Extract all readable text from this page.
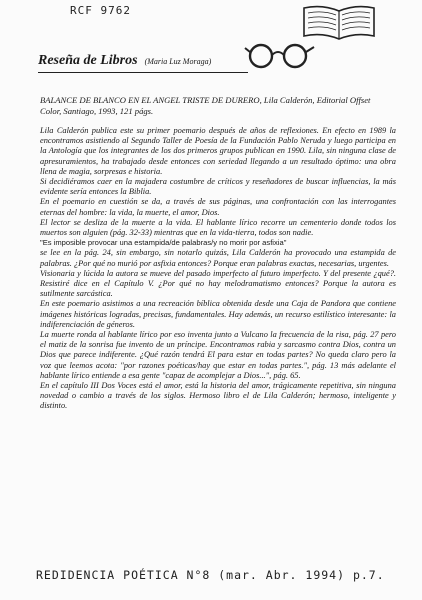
RCF 9762
Reseña de Libros (Maria Luz Moraga)
BALANCE DE BLANCO EN EL ANGEL TRISTE DE DURERO, Lila Calderón, Editorial Offset Color, Santiago, 1993, 121 págs.

Lila Calderón publica este su primer poemario después de años de reflexiones. En efecto en 1989 la encontramos asistiendo al Segundo Taller de Poesía de la Fundación Pablo Neruda y luego participa en la Antología que los integrantes de los dos primeros grupos publican en 1990. Lila, sin ninguna clase de apresuramientos, ha trabajado desde entonces con seriedad llegando a un resultado óptimo: una obra llena de magia, sorpresas e historia.

Si decidiéramos caer en la majadera costumbre de críticos y reseñadores de buscar influencias, la más evidente sería entonces la Biblia.

En el poemario en cuestión se da, a través de sus páginas, una confrontación con las interrogantes eternas del hombre: la vida, la muerte, el amor, Dios.

El lector se desliza de la muerte a la vida. El hablante lírico recorre un cementerio donde todos los muertos son alguien (pág. 32-33) mientras que en la vida-tierra, todos son nadie.

"Es imposible provocar una estampida/de palabras/y no morir por asfixia"

se lee en la pág. 24, sin embargo, sin notarlo quizás, Lila Calderón ha provocado una estampida de palabras. ¿Por qué no murió por asfixia entonces? Porque eran palabras exactas, necesarias, urgentes.

Visionaria y lúcida la autora se mueve del pasado imperfecto al futuro imperfecto. Y del presente ¿qué?. Resistiré dice en el Capítulo V. ¿Por qué no hay melodramatismo entonces? Porque la autora es sutilmente sarcástica.

En este poemario asistimos a una recreación bíblica obtenida desde una Caja de Pandora que contiene imágenes históricas logradas, precisas, fundamentales. Hay además, un recurso estilístico interesante: la indiferenciación de géneros.

La muerte ronda al hablante lírico por eso inventa junto a Vulcano la frecuencia de la risa, pág. 27 pero el matiz de la sonrisa fue invento de un príncipe. Encontramos rabia y sarcasmo contra Dios, contra un Dios que parece indiferente. ¿Qué razón tendrá El para estar en todas partes? No queda claro pero la voz que leemos acota: "por razones poéticas/hay que estar en todas partes.", pág. 13 más adelante el hablante lírico entiende a esa gente "capaz de acomplejar a Dios...", pág. 65.

En el capítulo III Dos Voces está el amor, está la historia del amor, trágicamente repetitiva, sin ninguna novedad o cambio a través de los siglos. Hermoso libro el de Lila Calderón; hermoso, inteligente y distinto.

REDIDENCIA POÉTICA N°8 (mar. Abr. 1994) p.7.
